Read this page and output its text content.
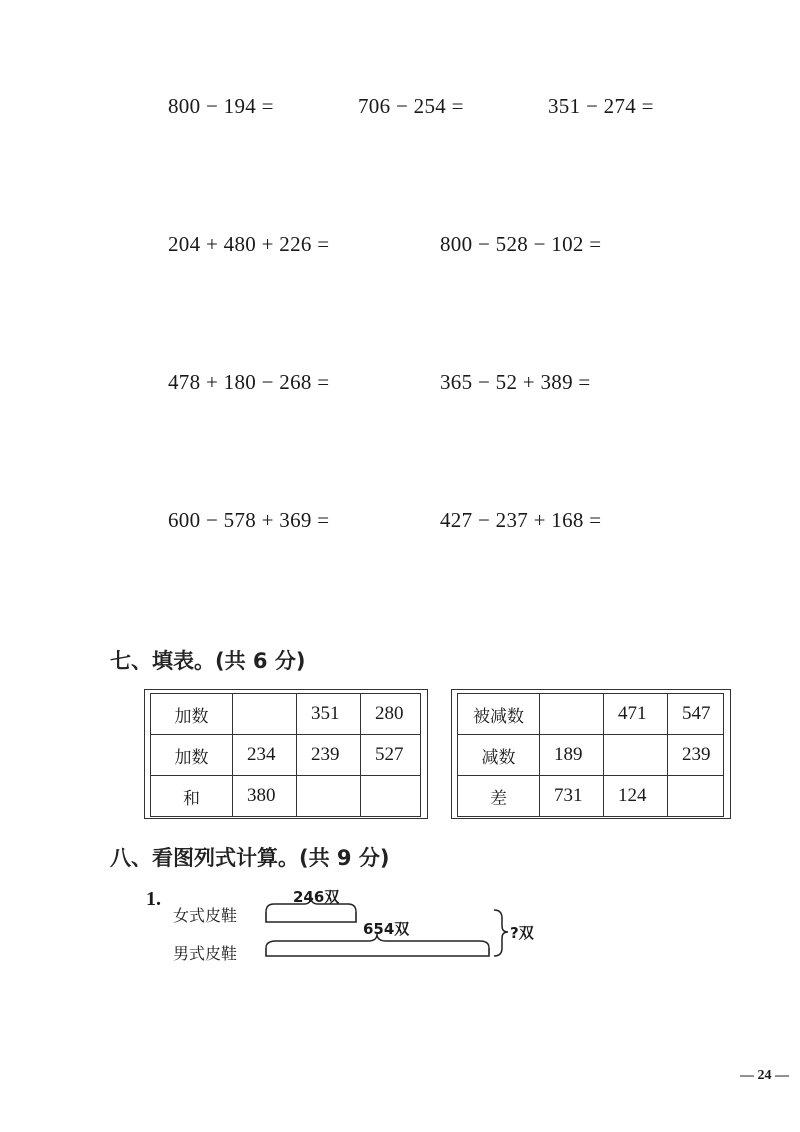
800 − 194 =	706 − 254 =	351 − 274 =
204 + 480 + 226 =	800 − 528 − 102 =
478 + 180 − 268 =	365 − 52 + 389 =
600 − 578 + 369 =	427 − 237 + 168 =
七、填表。(共 6 分)
加数		351	280
加数	234	239	527
和	380		
被减数		471	547
减数	189		239
差	731	124	
八、看图列式计算。(共 9 分)
1.
女式皮鞋
男式皮鞋
246双
654双	?双
— 24 —
